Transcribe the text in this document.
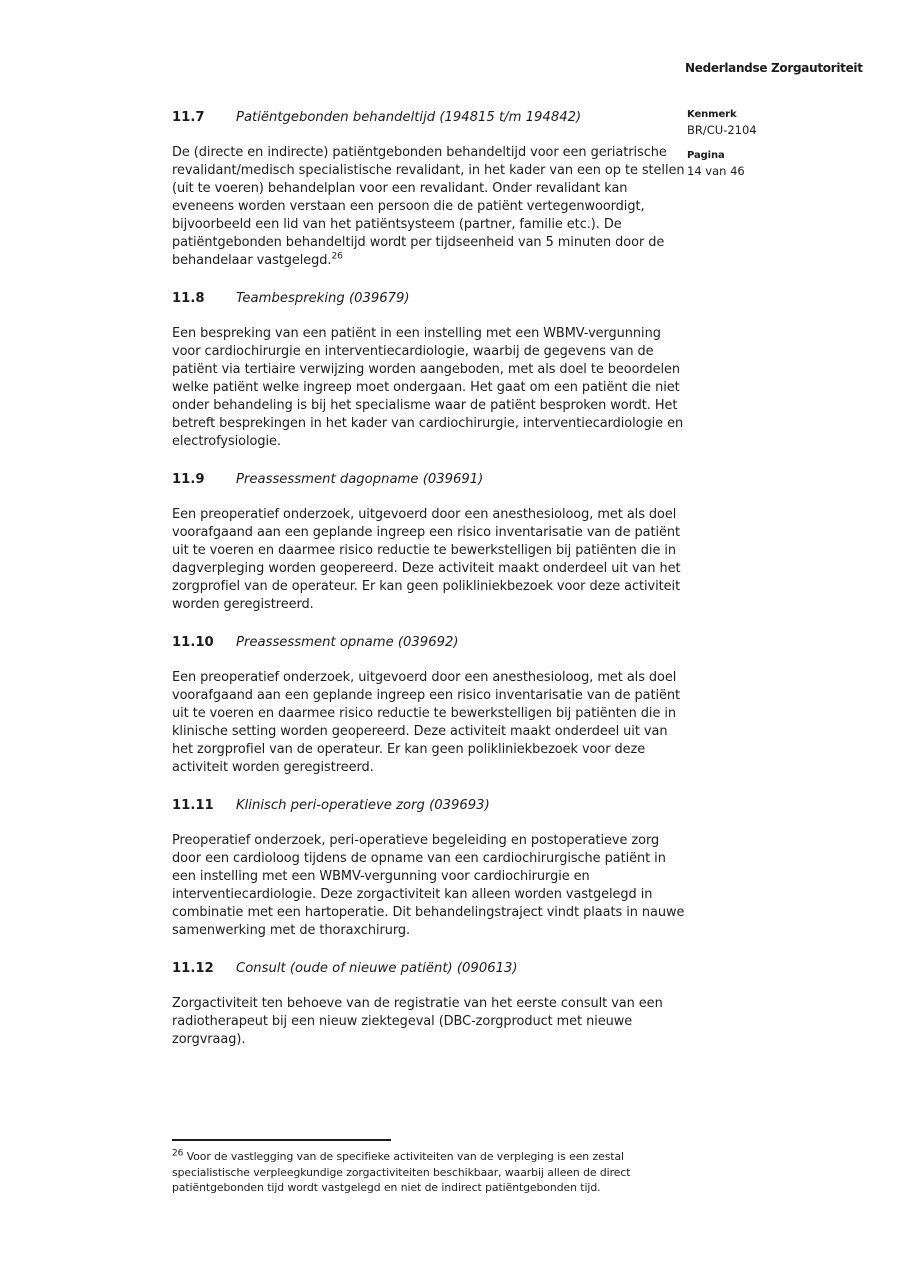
Nederlandse Zorgautoriteit
Kenmerk
BR/CU-2104
Pagina
14 van 46
11.7	Patiëntgebonden behandeltijd (194815 t/m 194842)

De (directe en indirecte) patiëntgebonden behandeltijd voor een geriatrische revalidant/medisch specialistische revalidant, in het kader van een op te stellen (uit te voeren) behandelplan voor een revalidant. Onder revalidant kan eveneens worden verstaan een persoon die de patiënt vertegenwoordigt, bijvoorbeeld een lid van het patiëntsysteem (partner, familie etc.). De patiëntgebonden behandeltijd wordt per tijdseenheid van 5 minuten door de behandelaar vastgelegd.$^{26}$

11.8	Teambespreking (039679)

Een bespreking van een patiënt in een instelling met een WBMV-vergunning voor cardiochirurgie en interventiecardiologie, waarbij de gegevens van de patiënt via tertiaire verwijzing worden aangeboden, met als doel te beoordelen welke patiënt welke ingreep moet ondergaan. Het gaat om een patiënt die niet onder behandeling is bij het specialisme waar de patiënt besproken wordt. Het betreft besprekingen in het kader van cardiochirurgie, interventiecardiologie en electrofysiologie.

11.9	Preassessment dagopname (039691)

Een preoperatief onderzoek, uitgevoerd door een anesthesioloog, met als doel voorafgaand aan een geplande ingreep een risico inventarisatie van de patiënt uit te voeren en daarmee risico reductie te bewerkstelligen bij patiënten die in dagverpleging worden geopereerd. Deze activiteit maakt onderdeel uit van het zorgprofiel van de operateur. Er kan geen polikliniekbezoek voor deze activiteit worden geregistreerd.

11.10	Preassessment opname (039692)

Een preoperatief onderzoek, uitgevoerd door een anesthesioloog, met als doel voorafgaand aan een geplande ingreep een risico inventarisatie van de patiënt uit te voeren en daarmee risico reductie te bewerkstelligen bij patiënten die in klinische setting worden geopereerd. Deze activiteit maakt onderdeel uit van het zorgprofiel van de operateur. Er kan geen polikliniekbezoek voor deze activiteit worden geregistreerd.

11.11	Klinisch peri-operatieve zorg (039693)

Preoperatief onderzoek, peri-operatieve begeleiding en postoperatieve zorg door een cardioloog tijdens de opname van een cardiochirurgische patiënt in een instelling met een WBMV-vergunning voor cardiochirurgie en interventiecardiologie. Deze zorgactiviteit kan alleen worden vastgelegd in combinatie met een hartoperatie. Dit behandelingstraject vindt plaats in nauwe samenwerking met de thoraxchirurg.

11.12	Consult (oude of nieuwe patiënt) (090613)

Zorgactiviteit ten behoeve van de registratie van het eerste consult van een radiotherapeut bij een nieuw ziektegeval (DBC-zorgproduct met nieuwe zorgvraag).

$^{26}$ Voor de vastlegging van de specifieke activiteiten van de verpleging is een zestal specialistische verpleegkundige zorgactiviteiten beschikbaar, waarbij alleen de direct patiëntgebonden tijd wordt vastgelegd en niet de indirect patiëntgebonden tijd.
